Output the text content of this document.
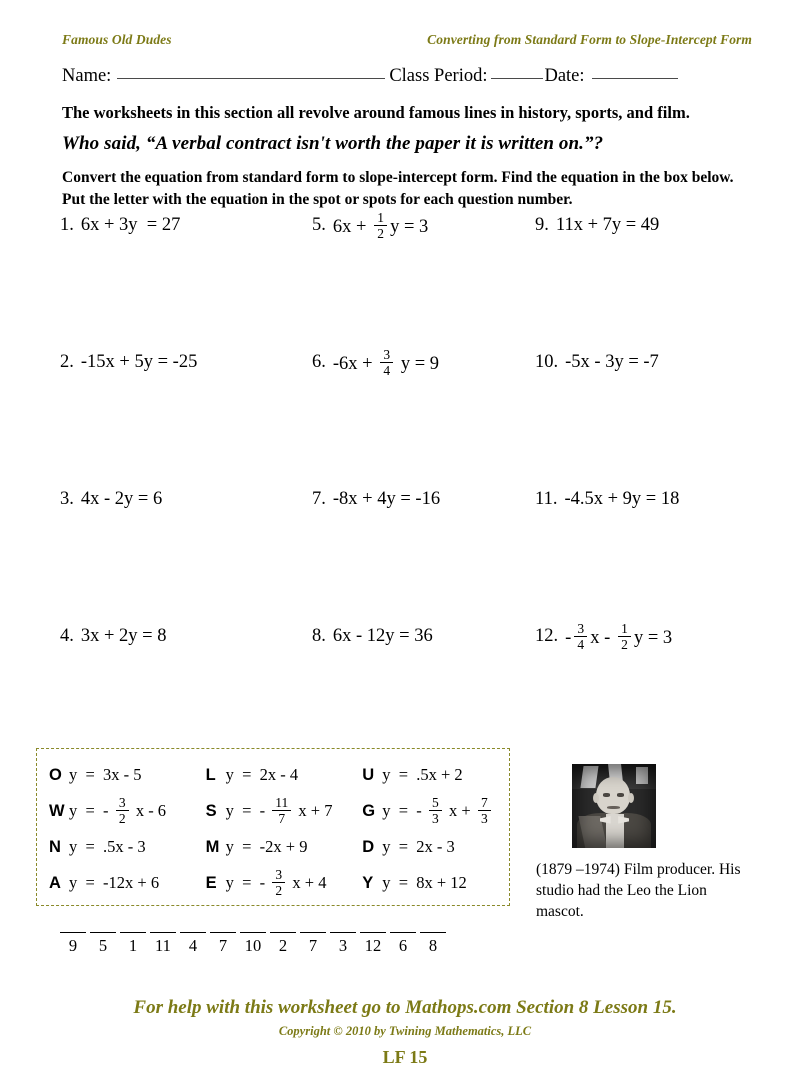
Famous Old Dudes	Converting from Standard Form to Slope-Intercept Form
Name:	Class Period:	Date:
The worksheets in this section all revolve around famous lines in history, sports, and film.
Who said, “A verbal contract isn't worth the paper it is written on.”?
Convert the equation from standard form to slope-intercept form. Find the equation in the box below. Put the letter with the equation in the spot or spots for each question number.
1. 6x + 3y  = 27	5. $6x + \frac{1}{2}$ y = 3	9. 11x + 7y = 49
2. -15x + 5y = -25	6. $-6x + \frac{3}{4}$ y = 9	10. -5x - 3y = -7
3. 4x - 2y = 6	7. -8x + 4y = -16	11. -4.5x + 9y = 18
4. 3x + 2y = 8	8. 6x - 12y = 36	12. - $\frac{3}{4}$ x - $\frac{1}{2}$ y = 3
O y  =  3x - 5	L y  =  2x - 4	U y  =  .5x + 2
W y  =  - $\frac{3}{2}$ x - 6 S y  =  - $\frac{11}{7}$ x + 7 G y  =  - $\frac{5}{3}$ $x + \frac{7}{3}$
N y  =  .5x - 3	M y  =  -2x + 9	D y  =  2x - 3
A y  =  -12x + 6	E y  =  - $\frac{3}{2}$ x + 4 Y y  =  8x + 12
(1879 –1974) Film producer. His studio had the Leo the Lion mascot.
9 5 1 11 4 7 10 2 7 3 12 6 8
For help with this worksheet go to Mathops.com Section 8 Lesson 15.
Copyright © 2010 by Twining Mathematics, LLC
LF 15
